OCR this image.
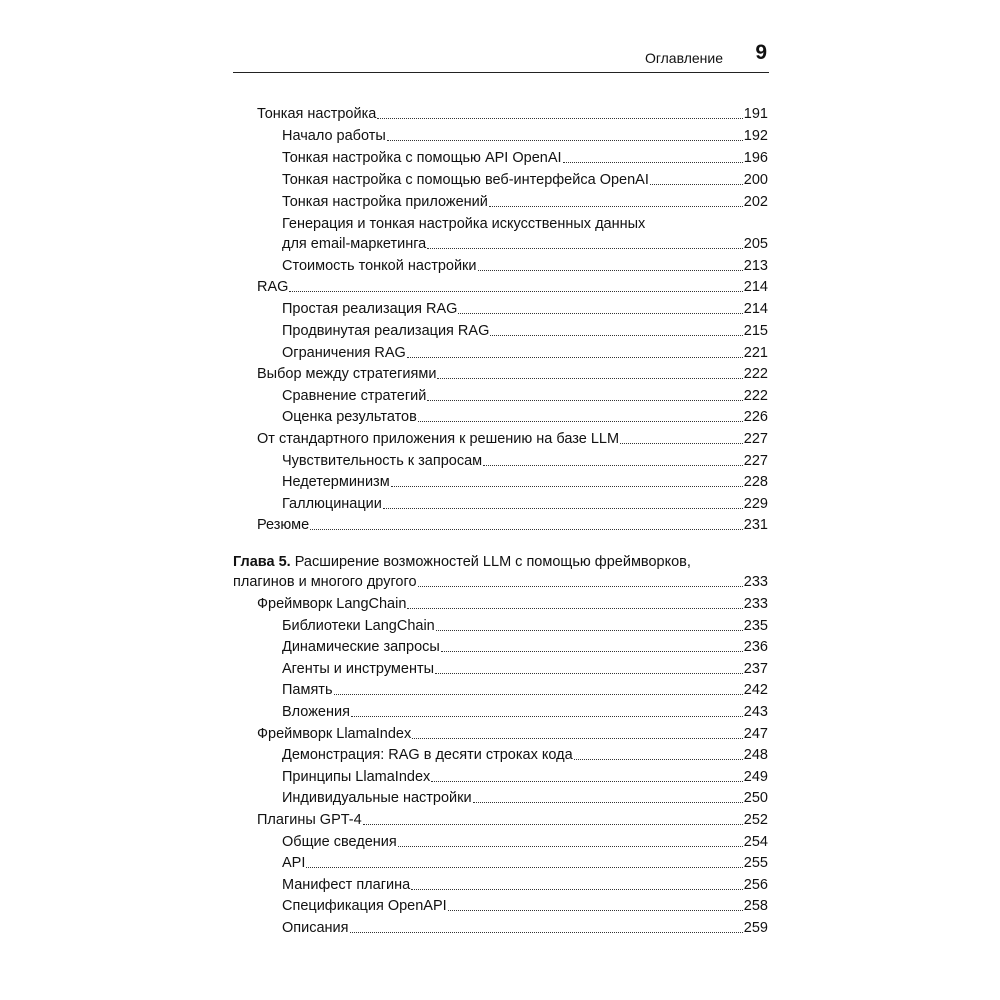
Оглавление 9
Тонкая настройка	191
Начало работы	192
Тонкая настройка с помощью API OpenAI	196
Тонкая настройка с помощью веб-интерфейса OpenAI	200
Тонкая настройка приложений	202
Генерация и тонкая настройка искусственных данных
для email-маркетинга	205
Стоимость тонкой настройки	213
RAG	214
Простая реализация RAG	214
Продвинутая реализация RAG	215
Ограничения RAG	221
Выбор между стратегиями	222
Сравнение стратегий	222
Оценка результатов	226
От стандартного приложения к решению на базе LLM	227
Чувствительность к запросам	227
Недетерминизм	228
Галлюцинации	229
Резюме	231
Глава 5. Расширение возможностей LLM с помощью фреймворков,
плагинов и многого другого	233
Фреймворк LangChain	233
Библиотеки LangChain	235
Динамические запросы	236
Агенты и инструменты	237
Память	242
Вложения	243
Фреймворк LlamaIndex	247
Демонстрация: RAG в десяти строках кода	248
Принципы LlamaIndex	249
Индивидуальные настройки	250
Плагины GPT-4	252
Общие сведения	254
API	255
Манифест плагина	256
Спецификация OpenAPI	258
Описания	259
